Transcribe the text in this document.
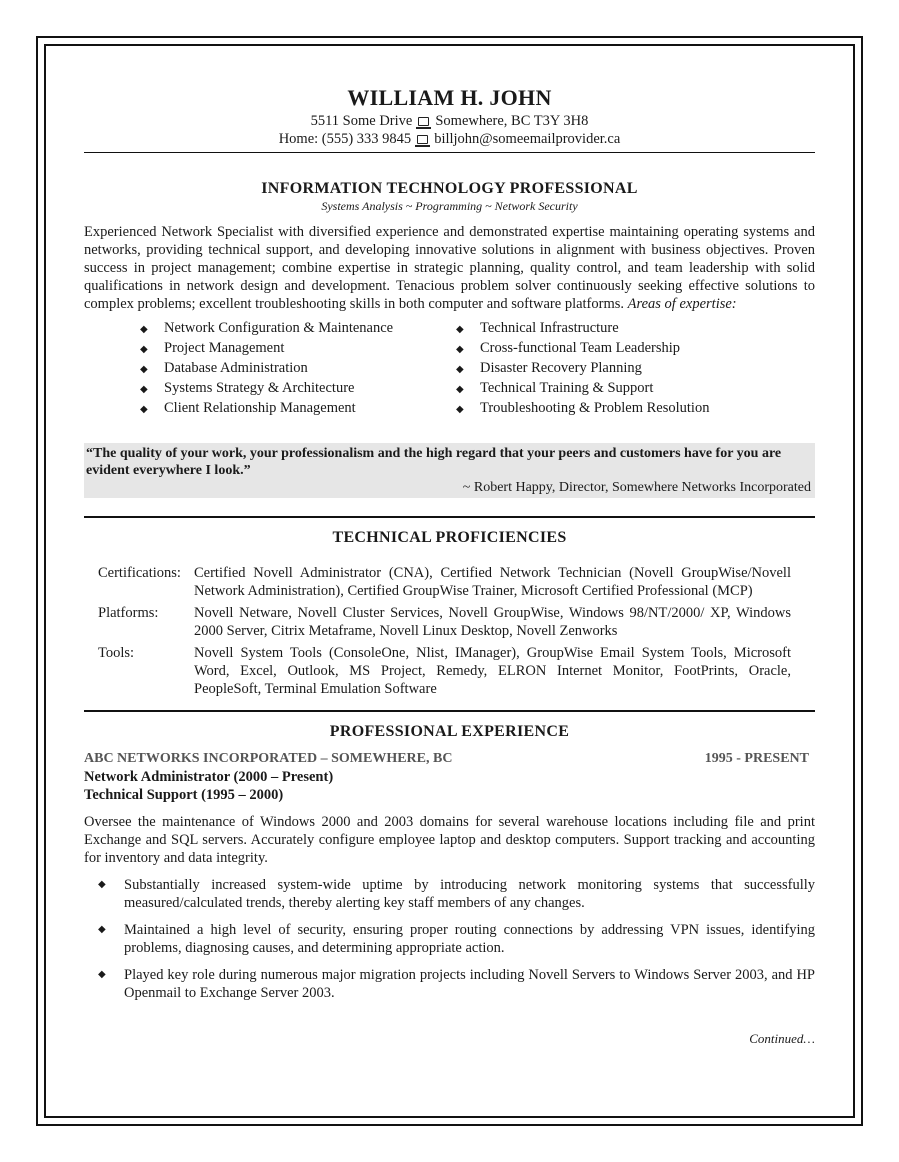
WILLIAM H. JOHN
5511 Some Drive Somewhere, BC T3Y 3H8
Home: (555) 333 9845 billjohn@someemailprovider.ca
INFORMATION TECHNOLOGY PROFESSIONAL
Systems Analysis ~ Programming ~ Network Security
Experienced Network Specialist with diversified experience and demonstrated expertise maintaining operating systems and networks, providing technical support, and developing innovative solutions in alignment with business objectives. Proven success in project management; combine expertise in strategic planning, quality control, and team leadership with solid qualifications in network design and development. Tenacious problem solver continuously seeking effective solutions to complex problems; excellent troubleshooting skills in both computer and software platforms. Areas of expertise:
◆ Network Configuration & Maintenance
◆ Project Management
◆ Database Administration
◆ Systems Strategy & Architecture
◆ Client Relationship Management
◆ Technical Infrastructure
◆ Cross-functional Team Leadership
◆ Disaster Recovery Planning
◆ Technical Training & Support
◆ Troubleshooting & Problem Resolution
“The quality of your work, your professionalism and the high regard that your peers and customers have for you are evident everywhere I look.”
~ Robert Happy, Director, Somewhere Networks Incorporated
TECHNICAL PROFICIENCIES
Certifications: Certified Novell Administrator (CNA), Certified Network Technician (Novell GroupWise/Novell Network Administration), Certified GroupWise Trainer, Microsoft Certified Professional (MCP)
Platforms:	Novell Netware, Novell Cluster Services, Novell GroupWise, Windows 98/NT/2000/ XP, Windows 2000 Server, Citrix Metaframe, Novell Linux Desktop, Novell Zenworks
Tools:	Novell System Tools (ConsoleOne, Nlist, IManager), GroupWise Email System Tools, Microsoft Word, Excel, Outlook, MS Project, Remedy, ELRON Internet Monitor, FootPrints, Oracle, PeopleSoft, Terminal Emulation Software
PROFESSIONAL EXPERIENCE
ABC NETWORKS INCORPORATED – SOMEWHERE, BC	1995 - PRESENT
Network Administrator (2000 – Present)
Technical Support (1995 – 2000)
Oversee the maintenance of Windows 2000 and 2003 domains for several warehouse locations including file and print Exchange and SQL servers. Accurately configure employee laptop and desktop computers. Support tracking and accounting for inventory and data integrity.
◆ Substantially increased system-wide uptime by introducing network monitoring systems that successfully measured/calculated trends, thereby alerting key staff members of any changes.
◆ Maintained a high level of security, ensuring proper routing connections by addressing VPN issues, identifying problems, diagnosing causes, and determining appropriate action.
◆ Played key role during numerous major migration projects including Novell Servers to Windows Server 2003, and HP Openmail to Exchange Server 2003.
Continued…
